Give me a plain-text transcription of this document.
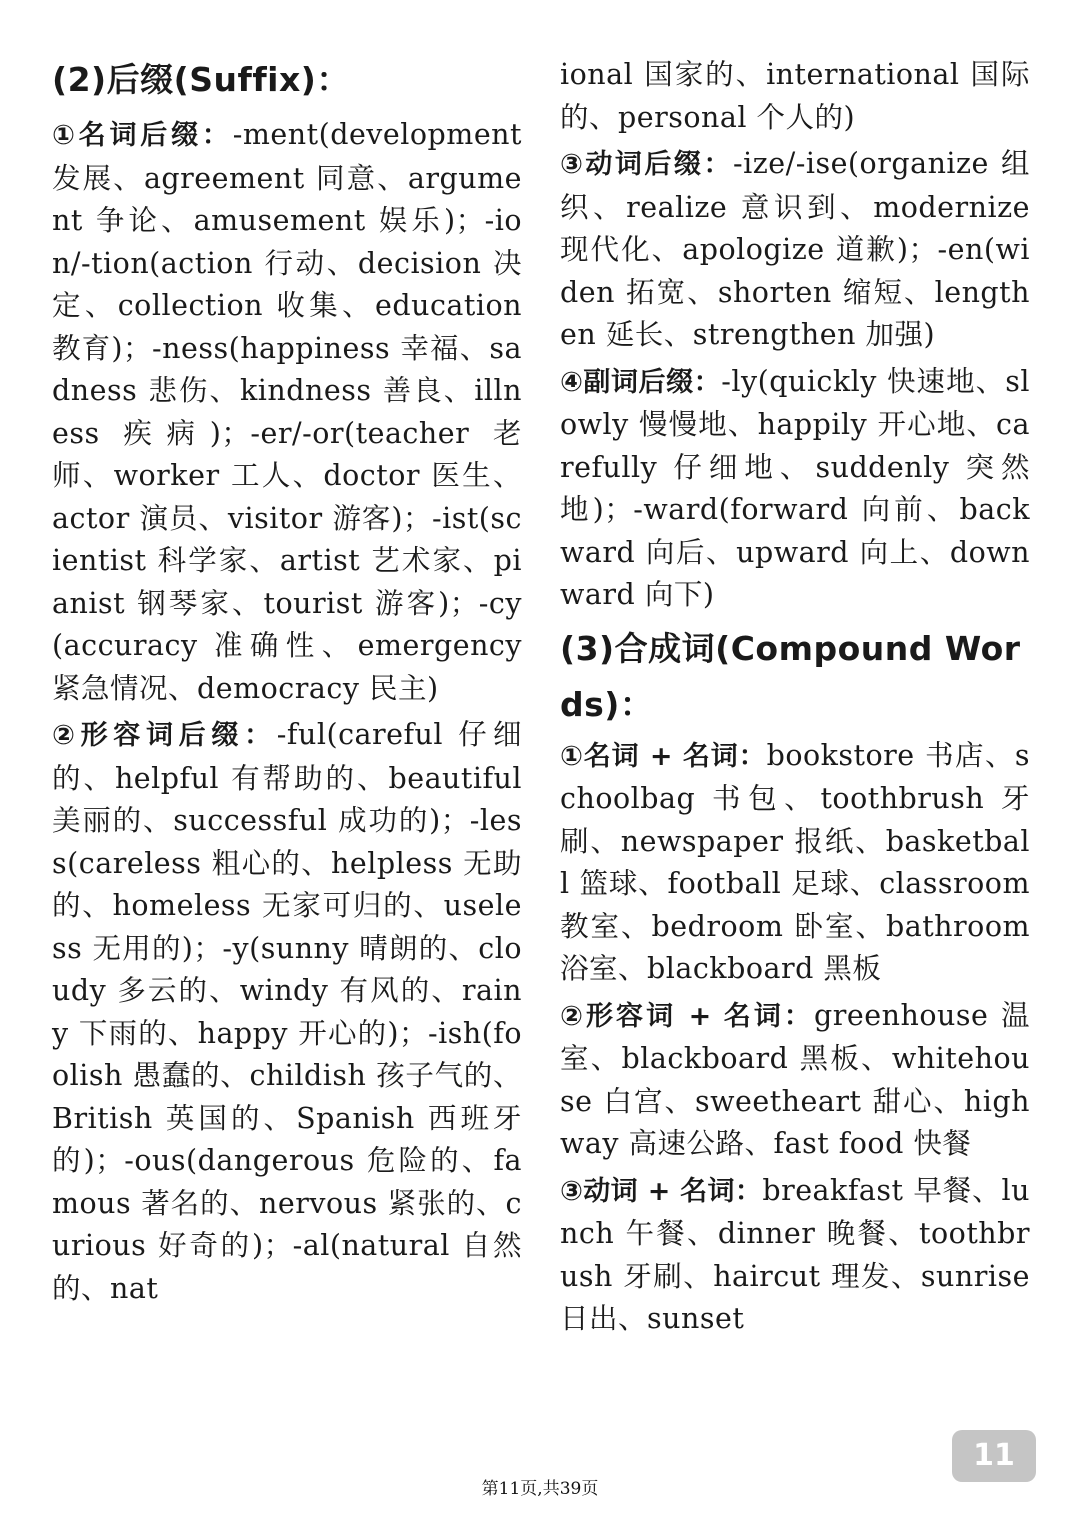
(2)后缀(Suffix)：
①名词后缀：-ment(development 发展、agreement 同意、argument 争论、amusement 娱乐)；-ion/-tion(action 行动、decision 决定、collection 收集、education 教育)；-ness(happiness 幸福、sadness 悲伤、kindness 善良、illness 疾病)；-er/-or(teacher 老师、worker 工人、doctor 医生、actor 演员、visitor 游客)；-ist(scientist 科学家、artist 艺术家、pianist 钢琴家、tourist 游客)；-cy(accuracy 准确性、emergency 紧急情况、democracy 民主)
②形容词后缀：-ful(careful 仔细的、helpful 有帮助的、beautiful 美丽的、successful 成功的)；-less(careless 粗心的、helpless 无助的、homeless 无家可归的、useless 无用的)；-y(sunny 晴朗的、cloudy 多云的、windy 有风的、rainy 下雨的、happy 开心的)；-ish(foolish 愚蠢的、childish 孩子气的、British 英国的、Spanish 西班牙的)；-ous(dangerous 危险的、famous 著名的、nervous 紧张的、curious 好奇的)；-al(natural 自然的、nat
ional 国家的、international 国际的、personal 个人的)
③动词后缀：-ize/-ise(organize 组织、realize 意识到、modernize 现代化、apologize 道歉)；-en(widen 拓宽、shorten 缩短、lengthen 延长、strengthen 加强)
④副词后缀：-ly(quickly 快速地、slowly 慢慢地、happily 开心地、carefully 仔细地、suddenly 突然地)；-ward(forward 向前、backward 向后、upward 向上、downward 向下)
(3)合成词(Compound Words)：
①名词 + 名词：bookstore 书店、schoolbag 书包、toothbrush 牙刷、newspaper 报纸、basketball 篮球、football 足球、classroom 教室、bedroom 卧室、bathroom 浴室、blackboard 黑板
②形容词 + 名词：greenhouse 温室、blackboard 黑板、whitehouse 白宫、sweetheart 甜心、highway 高速公路、fast food 快餐
③动词 + 名词：breakfast 早餐、lunch 午餐、dinner 晚餐、toothbrush 牙刷、haircut 理发、sunrise 日出、sunset
11
第11页,共39页
